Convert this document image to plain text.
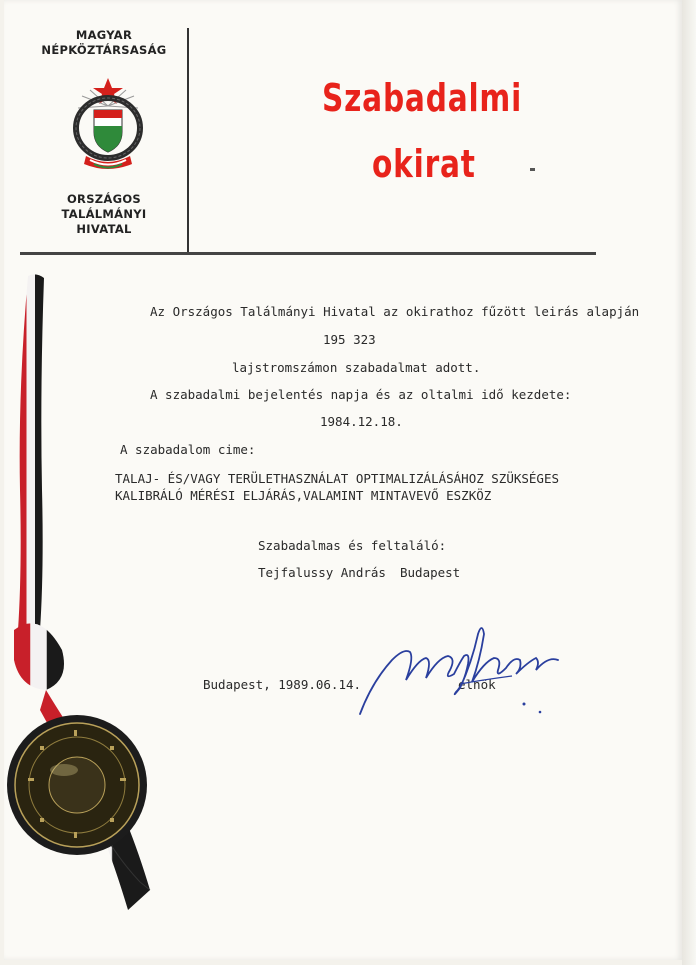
MAGYAR
NÉPKÖZTÁRSASÁG
ORSZÁGOS
TALÁLMÁNYI
HIVATAL
Szabadalmi
okirat
Az Országos Találmányi Hivatal az okirathoz fűzött leirás alapján
195 323
lajstromszámon szabadalmat adott.
A szabadalmi bejelentés napja és az oltalmi idő kezdete:
1984.12.18.
A szabadalom cime:
TALAJ- ÉS/VAGY TERÜLETHASZNÁLAT OPTIMALIZÁLÁSÁHOZ SZÜKSÉGES
KALIBRÁLÓ MÉRÉSI ELJÁRÁS,VALAMINT MINTAVEVŐ ESZKÖZ
Szabadalmas és feltaláló:
Tejfalussy András Budapest
Budapest, 1989.06.14.	elnök
